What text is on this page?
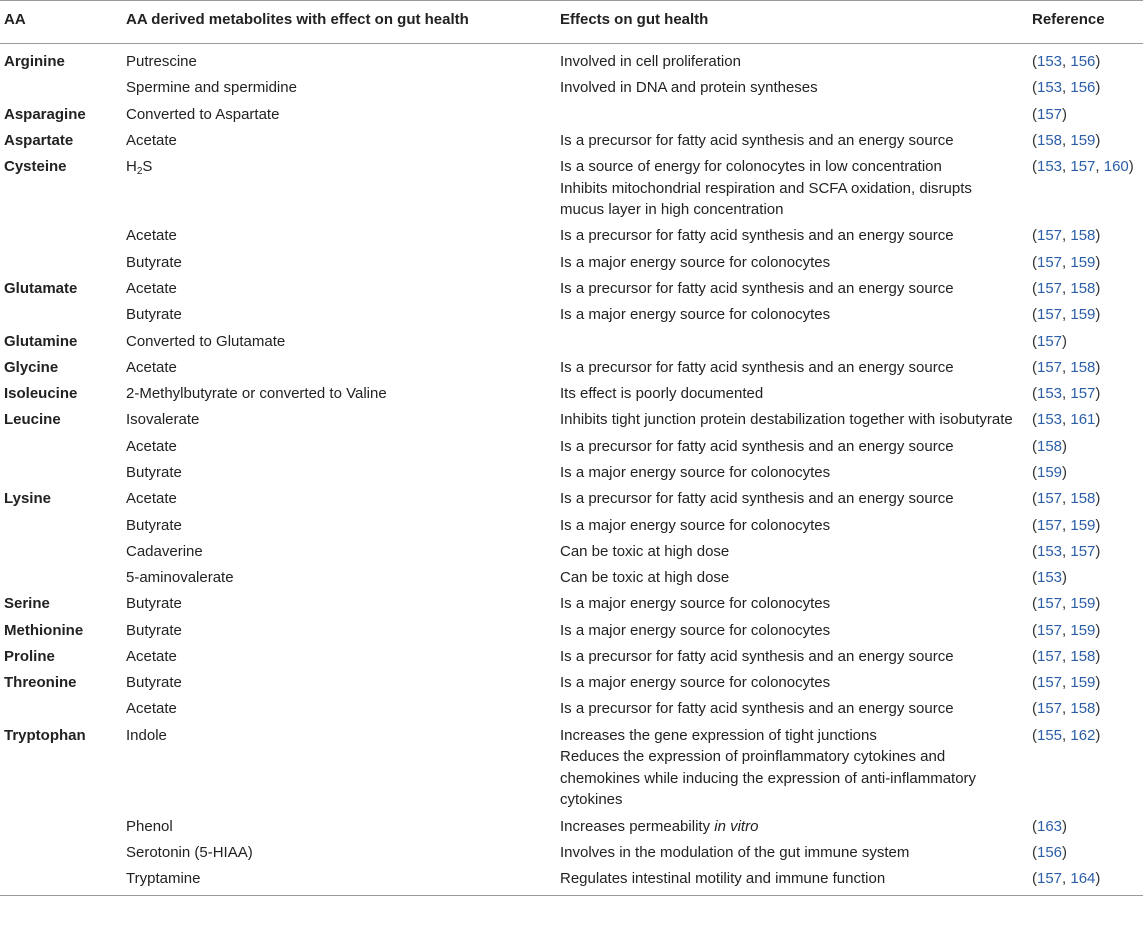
AA	AA derived metabolites with effect on gut health	Effects on gut health	Reference
Arginine	Putrescine	Involved in cell proliferation	(153, 156)
	Spermine and spermidine	Involved in DNA and protein syntheses	(153, 156)
Asparagine	Converted to Aspartate		(157)
Aspartate	Acetate	Is a precursor for fatty acid synthesis and an energy source	(158, 159)
Cysteine	$H_2S$	Is a source of energy for colonocytes in low concentration
Inhibits mitochondrial respiration and SCFA oxidation, disrupts mucus layer in high concentration	(153, 157, 160)
	Acetate	Is a precursor for fatty acid synthesis and an energy source	(157, 158)
	Butyrate	Is a major energy source for colonocytes	(157, 159)
Glutamate	Acetate	Is a precursor for fatty acid synthesis and an energy source	(157, 158)
	Butyrate	Is a major energy source for colonocytes	(157, 159)
Glutamine	Converted to Glutamate		(157)
Glycine	Acetate	Is a precursor for fatty acid synthesis and an energy source	(157, 158)
Isoleucine	2-Methylbutyrate or converted to Valine	Its effect is poorly documented	(153, 157)
Leucine	Isovalerate	Inhibits tight junction protein destabilization together with isobutyrate	(153, 161)
	Acetate	Is a precursor for fatty acid synthesis and an energy source	(158)
	Butyrate	Is a major energy source for colonocytes	(159)
Lysine	Acetate	Is a precursor for fatty acid synthesis and an energy source	(157, 158)
	Butyrate	Is a major energy source for colonocytes	(157, 159)
	Cadaverine	Can be toxic at high dose	(153, 157)
	5-aminovalerate	Can be toxic at high dose	(153)
Serine	Butyrate	Is a major energy source for colonocytes	(157, 159)
Methionine	Butyrate	Is a major energy source for colonocytes	(157, 159)
Proline	Acetate	Is a precursor for fatty acid synthesis and an energy source	(157, 158)
Threonine	Butyrate	Is a major energy source for colonocytes	(157, 159)
	Acetate	Is a precursor for fatty acid synthesis and an energy source	(157, 158)
Tryptophan	Indole	Increases the gene expression of tight junctions
Reduces the expression of proinflammatory cytokines and chemokines while inducing the expression of anti-inflammatory cytokines	(155, 162)
	Phenol	Increases permeability in vitro	(163)
	Serotonin (5-HIAA)	Involves in the modulation of the gut immune system	(156)
	Tryptamine	Regulates intestinal motility and immune function	(157, 164)
